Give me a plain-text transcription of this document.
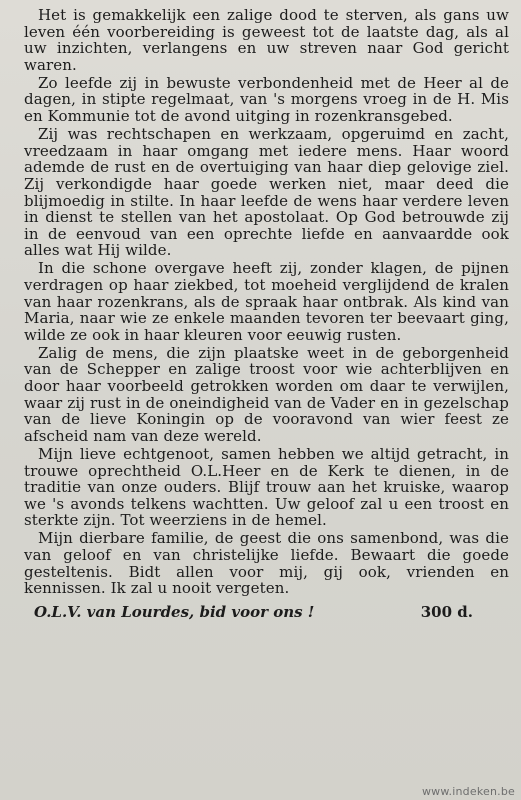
Het is gemakkelijk een zalige dood te sterven, als gans uw leven één voorbereiding is geweest tot de laatste dag, als al uw inzichten, verlangens en uw streven naar God gericht waren.

Zo leefde zij in bewuste verbondenheid met de Heer al de dagen, in stipte regelmaat, van 's morgens vroeg in de H. Mis en Kommunie tot de avond uitging in rozenkransgebed.

Zij was rechtschapen en werkzaam, opgeruimd en zacht, vreedzaam in haar omgang met iedere mens. Haar woord ademde de rust en de overtuiging van haar diep gelovige ziel. Zij verkondigde haar goede werken niet, maar deed die blijmoedig in stilte. In haar leefde de wens haar verdere leven in dienst te stellen van het apostolaat. Op God betrouwde zij in de eenvoud van een oprechte liefde en aanvaardde ook alles wat Hij wilde.

In die schone overgave heeft zij, zonder klagen, de pijnen verdragen op haar ziekbed, tot moeheid verglijdend de kralen van haar rozenkrans, als de spraak haar ontbrak. Als kind van Maria, naar wie ze enkele maanden tevoren ter beevaart ging, wilde ze ook in haar kleuren voor eeuwig rusten.

Zalig de mens, die zijn plaatske weet in de geborgenheid van de Schepper en zalige troost voor wie achterblijven en door haar voorbeeld getrokken worden om daar te verwijlen, waar zij rust in de oneindigheid van de Vader en in gezelschap van de lieve Koningin op de vooravond van wier feest ze afscheid nam van deze wereld.

Mijn lieve echtgenoot, samen hebben we altijd getracht, in trouwe oprechtheid O.L.Heer en de Kerk te dienen, in de traditie van onze ouders. Blijf trouw aan het kruiske, waarop we 's avonds telkens wachtten. Uw geloof zal u een troost en sterkte zijn. Tot weerziens in de hemel.

Mijn dierbare familie, de geest die ons samenbond, was die van geloof en van christelijke liefde. Bewaart die goede gesteltenis. Bidt allen voor mij, gij ook, vrienden en kennissen. Ik zal u nooit vergeten.

O.L.V. van Lourdes, bid voor ons !	300 d.
www.indeken.be
